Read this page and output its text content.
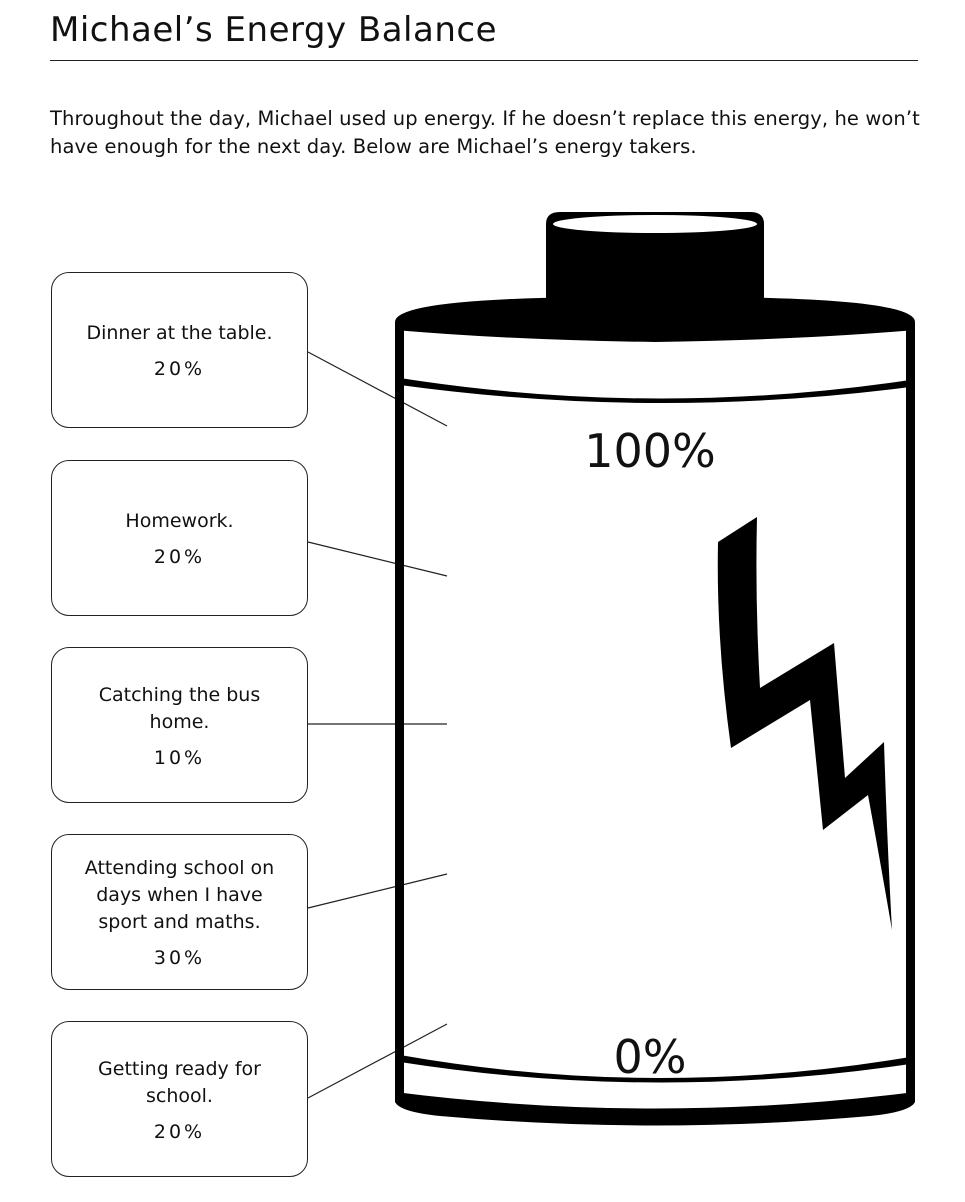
Michael’s Energy Balance

Throughout the day, Michael used up energy. If he doesn’t replace this energy, he won’t have enough for the next day. Below are Michael’s energy takers.

100%
0%
Dinner at the table.
20%
Homework.
20%
Catching the bus home.
10%
Attending school on days when I have sport and maths.
30%
Getting ready for school.
20%
